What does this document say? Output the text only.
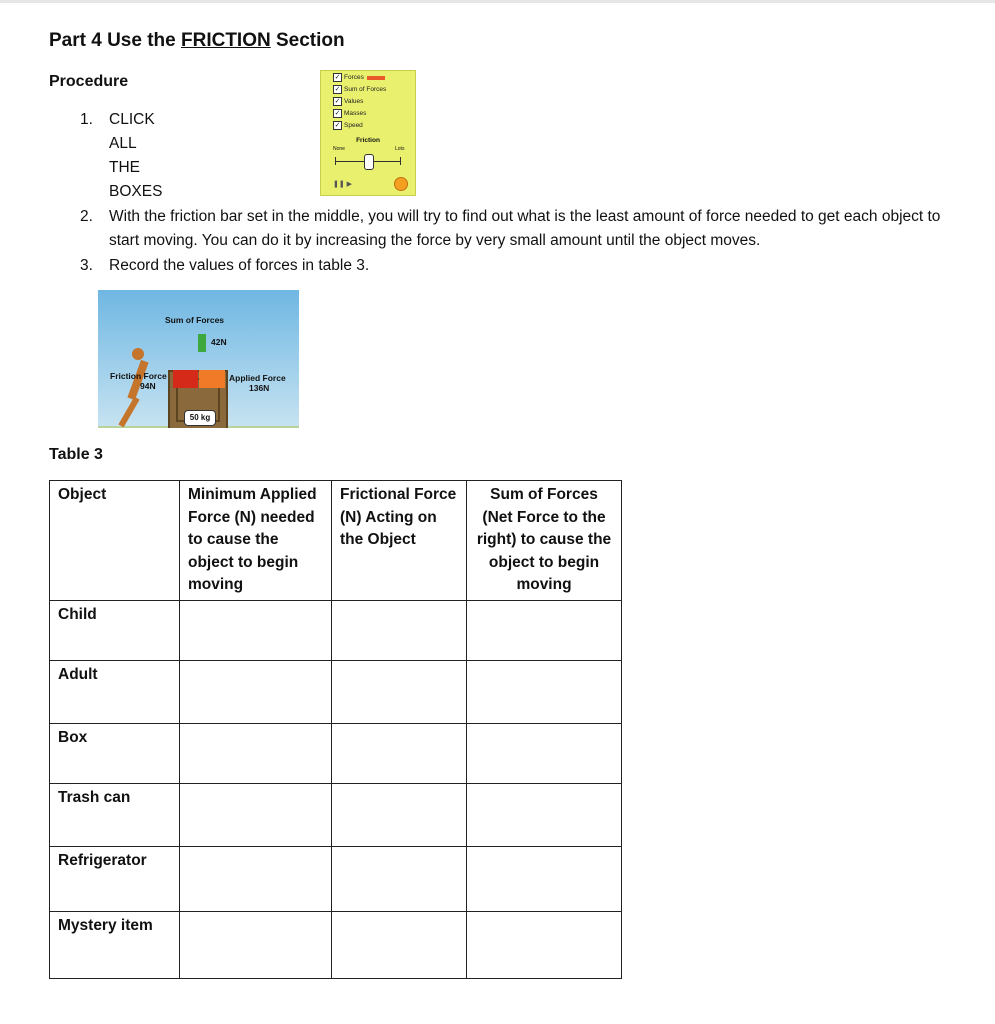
Part 4 Use the FRICTION Section
Procedure
1. CLICK ALL THE BOXES
✓ Forces
✓ Sum of Forces
✓ Values
✓ Masses
✓ Speed
Friction
None	Lots
❚❚ ▶
2. With the friction bar set in the middle, you will try to find out what is the least amount of force needed to get each object to start moving. You can do it by increasing the force by very small amount until the object moves.
3. Record the values of forces in table 3.
Sum of Forces
42N
Friction Force
94N
Applied Force
136N
50 kg
Table 3
Object	Minimum Applied Force (N) needed to cause the object to begin moving	Frictional Force (N) Acting on the Object	Sum of Forces (Net Force to the right) to cause the object to begin moving
Child			
Adult			
Box			
Trash can			
Refrigerator			
Mystery item			
